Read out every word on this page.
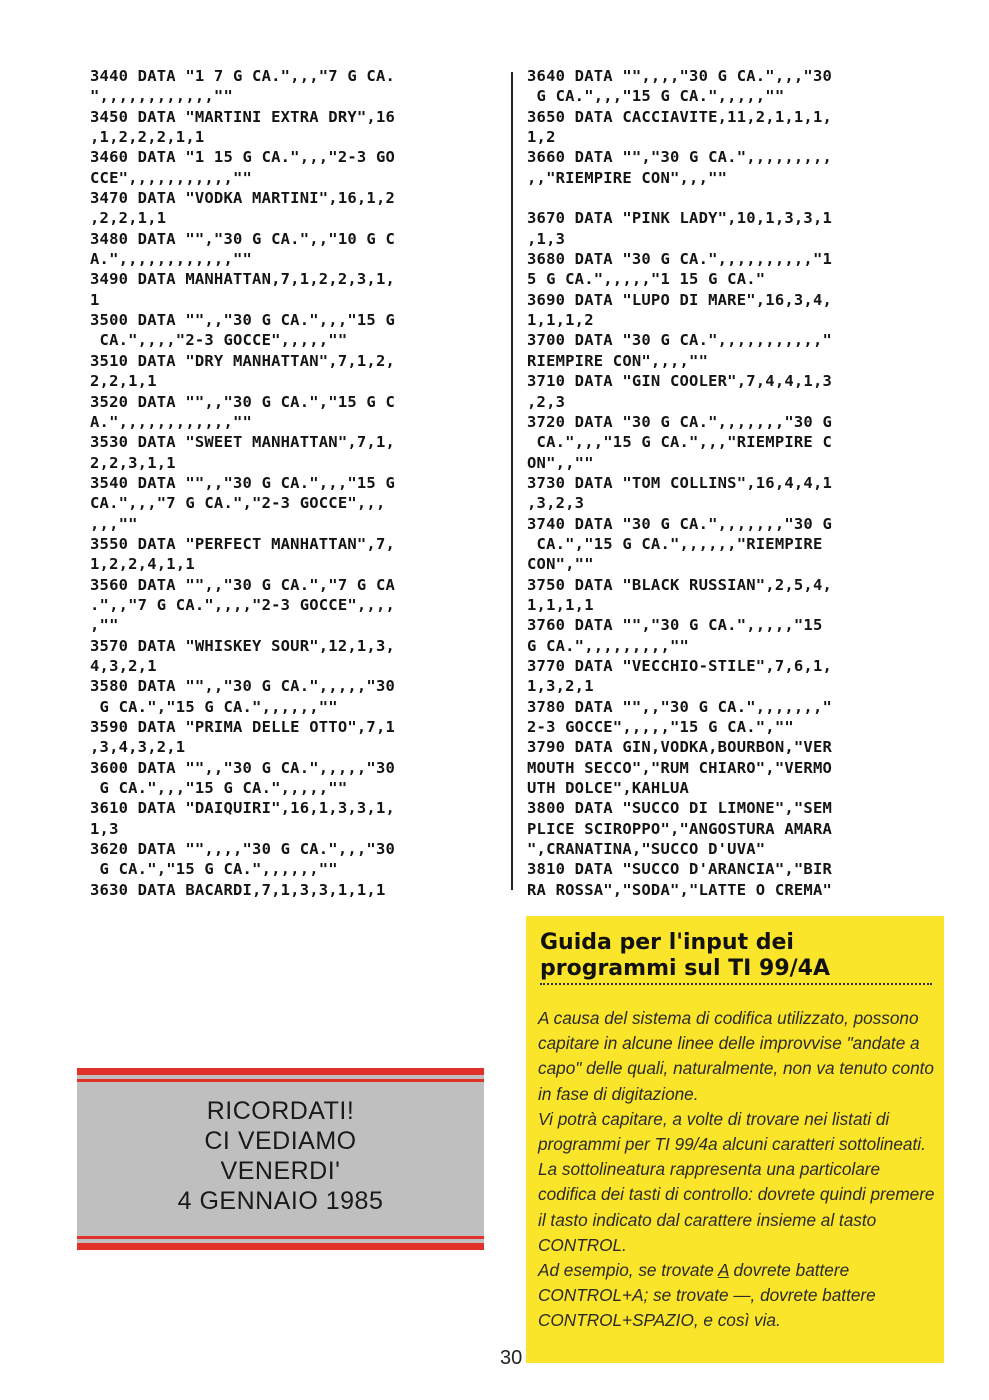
3440 DATA "1 7 G CA.",,,"7 G CA.
",,,,,,,,,,,,""
3450 DATA "MARTINI EXTRA DRY",16
,1,2,2,2,1,1
3460 DATA "1 15 G CA.",,,"2-3 GO
CCE",,,,,,,,,,,""
3470 DATA "VODKA MARTINI",16,1,2
,2,2,1,1
3480 DATA "","30 G CA.",,"10 G C
A.",,,,,,,,,,,,""
3490 DATA MANHATTAN,7,1,2,2,3,1,
1
3500 DATA "",,"30 G CA.",,,"15 G
CA.",,,,"2-3 GOCCE",,,,,""
3510 DATA "DRY MANHATTAN",7,1,2,
2,2,1,1
3520 DATA "",,"30 G CA.","15 G C
A.",,,,,,,,,,,,""
3530 DATA "SWEET MANHATTAN",7,1,
2,2,3,1,1
3540 DATA "",,"30 G CA.",,,"15 G
CA.",,,"7 G CA.","2-3 GOCCE",,,
,,,""
3550 DATA "PERFECT MANHATTAN",7,
1,2,2,4,1,1
3560 DATA "",,"30 G CA.","7 G CA
.",,"7 G CA.",,,,"2-3 GOCCE",,,,
,""
3570 DATA "WHISKEY SOUR",12,1,3,
4,3,2,1
3580 DATA "",,"30 G CA.",,,,,"30
G CA.","15 G CA.",,,,,,""
3590 DATA "PRIMA DELLE OTTO",7,1
,3,4,3,2,1
3600 DATA "",,"30 G CA.",,,,,"30
G CA.",,,"15 G CA.",,,,,""
3610 DATA "DAIQUIRI",16,1,3,3,1,
1,3
3620 DATA "",,,,"30 G CA.",,,"30
G CA.","15 G CA.",,,,,,""
3630 DATA BACARDI,7,1,3,3,1,1,1
3640 DATA "",,,,"30 G CA.",,,"30
G CA.",,,"15 G CA.",,,,,""
3650 DATA CACCIAVITE,11,2,1,1,1,
1,2
3660 DATA "","30 G CA.",,,,,,,,,
,,"RIEMPIRE CON",,,""
3670 DATA "PINK LADY",10,1,3,3,1
,1,3
3680 DATA "30 G CA.",,,,,,,,,,"1
5 G CA.",,,,,"1 15 G CA."
3690 DATA "LUPO DI MARE",16,3,4,
1,1,1,2
3700 DATA "30 G CA.",,,,,,,,,,,"
RIEMPIRE CON",,,,""
3710 DATA "GIN COOLER",7,4,4,1,3
,2,3
3720 DATA "30 G CA.",,,,,,,"30 G
CA.",,,"15 G CA.",,,"RIEMPIRE C
ON",,""
3730 DATA "TOM COLLINS",16,4,4,1
,3,2,3
3740 DATA "30 G CA.",,,,,,,"30 G
CA.","15 G CA.",,,,,,"RIEMPIRE
CON",""
3750 DATA "BLACK RUSSIAN",2,5,4,
1,1,1,1
3760 DATA "","30 G CA.",,,,,"15
G CA.",,,,,,,,,""
3770 DATA "VECCHIO-STILE",7,6,1,
1,3,2,1
3780 DATA "",,"30 G CA.",,,,,,,"
2-3 GOCCE",,,,,"15 G CA.",""
3790 DATA GIN,VODKA,BOURBON,"VER
MOUTH SECCO","RUM CHIARO","VERMO
UTH DOLCE",KAHLUA
3800 DATA "SUCCO DI LIMONE","SEM
PLICE SCIROPPO","ANGOSTURA AMARA
",CRANATINA,"SUCCO D'UVA"
3810 DATA "SUCCO D'ARANCIA","BIR
RA ROSSA","SODA","LATTE O CREMA"
Guida per l'input dei
programmi sul TI 99/4A

A causa del sistema di codifica utilizzato, possono capitare in alcune linee delle improvvise "andate a capo" delle quali, naturalmente, non va tenuto conto in fase di digitazione.

Vi potrà capitare, a volte di trovare nei listati di programmi per TI 99/4a alcuni caratteri sottolineati. La sottolineatura rappresenta una particolare codifica dei tasti di controllo: dovrete quindi premere il tasto indicato dal carattere insieme al tasto CONTROL.

Ad esempio, se trovate A dovrete battere CONTROL+A; se trovate —, dovrete battere CONTROL+SPAZIO, e così via.

RICORDATI!
CI VEDIAMO
VENERDI'
4 GENNAIO 1985
30
